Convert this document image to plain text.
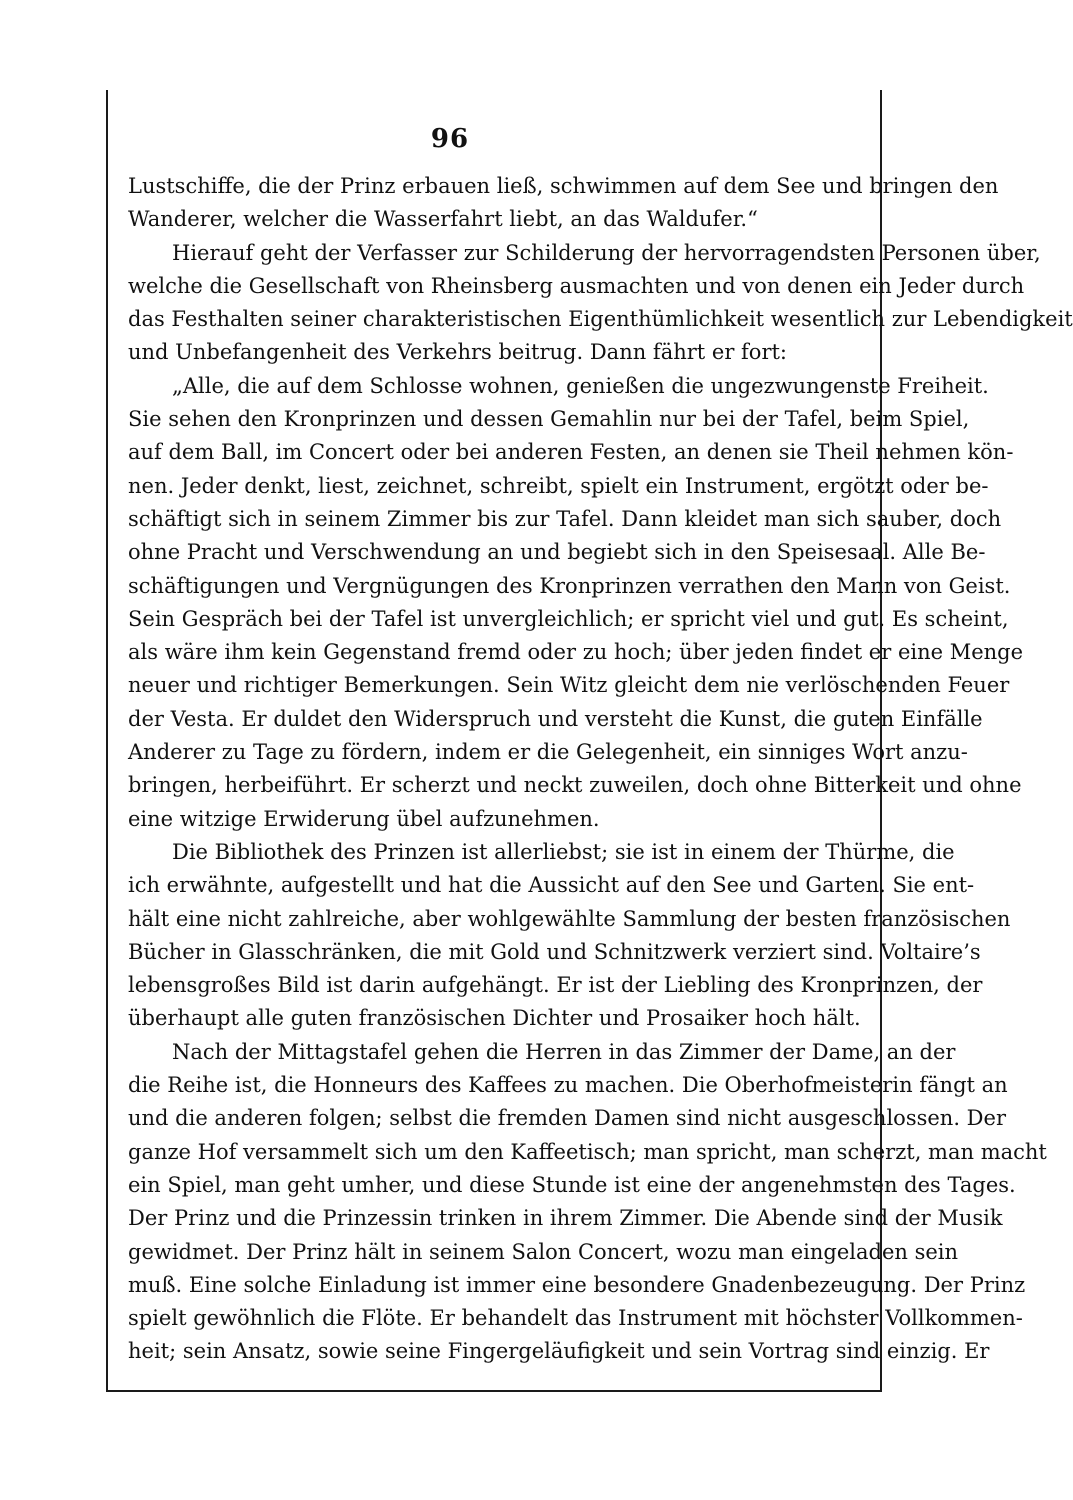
96
Lustschiffe, die der Prinz erbauen ließ, schwimmen auf dem See und bringen den
Wanderer, welcher die Wasserfahrt liebt, an das Waldufer.“
Hierauf geht der Verfasser zur Schilderung der hervorragendsten Personen über,
welche die Gesellschaft von Rheinsberg ausmachten und von denen ein Jeder durch
das Festhalten seiner charakteristischen Eigenthümlichkeit wesentlich zur Lebendigkeit
und Unbefangenheit des Verkehrs beitrug. Dann fährt er fort:
„Alle, die auf dem Schlosse wohnen, genießen die ungezwungenste Freiheit.
Sie sehen den Kronprinzen und dessen Gemahlin nur bei der Tafel, beim Spiel,
auf dem Ball, im Concert oder bei anderen Festen, an denen sie Theil nehmen kön-
nen. Jeder denkt, liest, zeichnet, schreibt, spielt ein Instrument, ergötzt oder be-
schäftigt sich in seinem Zimmer bis zur Tafel. Dann kleidet man sich sauber, doch
ohne Pracht und Verschwendung an und begiebt sich in den Speisesaal. Alle Be-
schäftigungen und Vergnügungen des Kronprinzen verrathen den Mann von Geist.
Sein Gespräch bei der Tafel ist unvergleichlich; er spricht viel und gut. Es scheint,
als wäre ihm kein Gegenstand fremd oder zu hoch; über jeden findet er eine Menge
neuer und richtiger Bemerkungen. Sein Witz gleicht dem nie verlöschenden Feuer
der Vesta. Er duldet den Widerspruch und versteht die Kunst, die guten Einfälle
Anderer zu Tage zu fördern, indem er die Gelegenheit, ein sinniges Wort anzu-
bringen, herbeiführt. Er scherzt und neckt zuweilen, doch ohne Bitterkeit und ohne
eine witzige Erwiderung übel aufzunehmen.
Die Bibliothek des Prinzen ist allerliebst; sie ist in einem der Thürme, die
ich erwähnte, aufgestellt und hat die Aussicht auf den See und Garten. Sie ent-
hält eine nicht zahlreiche, aber wohlgewählte Sammlung der besten französischen
Bücher in Glasschränken, die mit Gold und Schnitzwerk verziert sind. Voltaire’s
lebensgroßes Bild ist darin aufgehängt. Er ist der Liebling des Kronprinzen, der
überhaupt alle guten französischen Dichter und Prosaiker hoch hält.
Nach der Mittagstafel gehen die Herren in das Zimmer der Dame, an der
die Reihe ist, die Honneurs des Kaffees zu machen. Die Oberhofmeisterin fängt an
und die anderen folgen; selbst die fremden Damen sind nicht ausgeschlossen. Der
ganze Hof versammelt sich um den Kaffeetisch; man spricht, man scherzt, man macht
ein Spiel, man geht umher, und diese Stunde ist eine der angenehmsten des Tages.
Der Prinz und die Prinzessin trinken in ihrem Zimmer. Die Abende sind der Musik
gewidmet. Der Prinz hält in seinem Salon Concert, wozu man eingeladen sein
muß. Eine solche Einladung ist immer eine besondere Gnadenbezeugung. Der Prinz
spielt gewöhnlich die Flöte. Er behandelt das Instrument mit höchster Vollkommen-
heit; sein Ansatz, sowie seine Fingergeläufigkeit und sein Vortrag sind einzig. Er
